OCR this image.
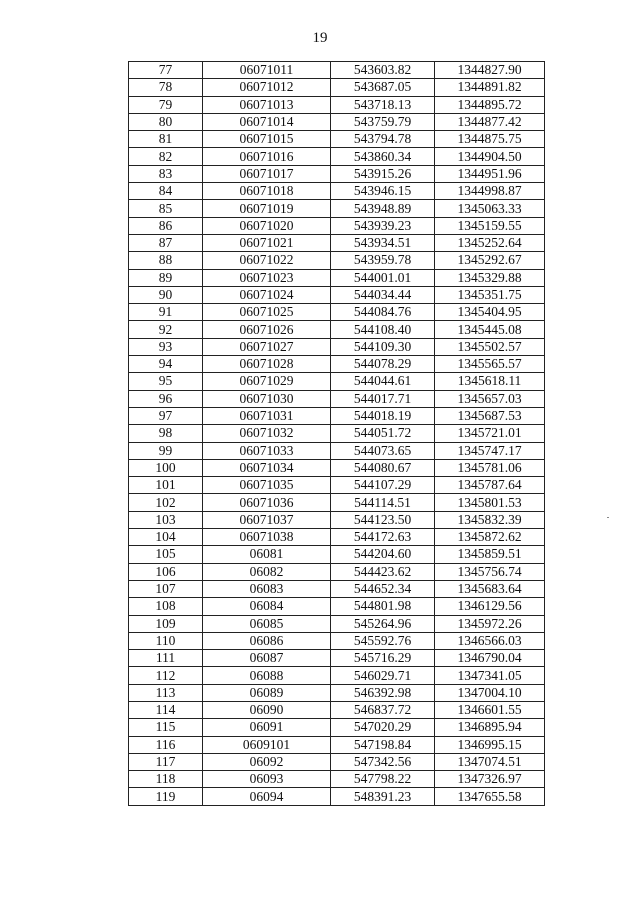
19
77	06071011	543603.82	1344827.90
78	06071012	543687.05	1344891.82
79	06071013	543718.13	1344895.72
80	06071014	543759.79	1344877.42
81	06071015	543794.78	1344875.75
82	06071016	543860.34	1344904.50
83	06071017	543915.26	1344951.96
84	06071018	543946.15	1344998.87
85	06071019	543948.89	1345063.33
86	06071020	543939.23	1345159.55
87	06071021	543934.51	1345252.64
88	06071022	543959.78	1345292.67
89	06071023	544001.01	1345329.88
90	06071024	544034.44	1345351.75
91	06071025	544084.76	1345404.95
92	06071026	544108.40	1345445.08
93	06071027	544109.30	1345502.57
94	06071028	544078.29	1345565.57
95	06071029	544044.61	1345618.11
96	06071030	544017.71	1345657.03
97	06071031	544018.19	1345687.53
98	06071032	544051.72	1345721.01
99	06071033	544073.65	1345747.17
100	06071034	544080.67	1345781.06
101	06071035	544107.29	1345787.64
102	06071036	544114.51	1345801.53
103	06071037	544123.50	1345832.39
104	06071038	544172.63	1345872.62
105	06081	544204.60	1345859.51
106	06082	544423.62	1345756.74
107	06083	544652.34	1345683.64
108	06084	544801.98	1346129.56
109	06085	545264.96	1345972.26
110	06086	545592.76	1346566.03
111	06087	545716.29	1346790.04
112	06088	546029.71	1347341.05
113	06089	546392.98	1347004.10
114	06090	546837.72	1346601.55
115	06091	547020.29	1346895.94
116	0609101	547198.84	1346995.15
117	06092	547342.56	1347074.51
118	06093	547798.22	1347326.97
119	06094	548391.23	1347655.58
